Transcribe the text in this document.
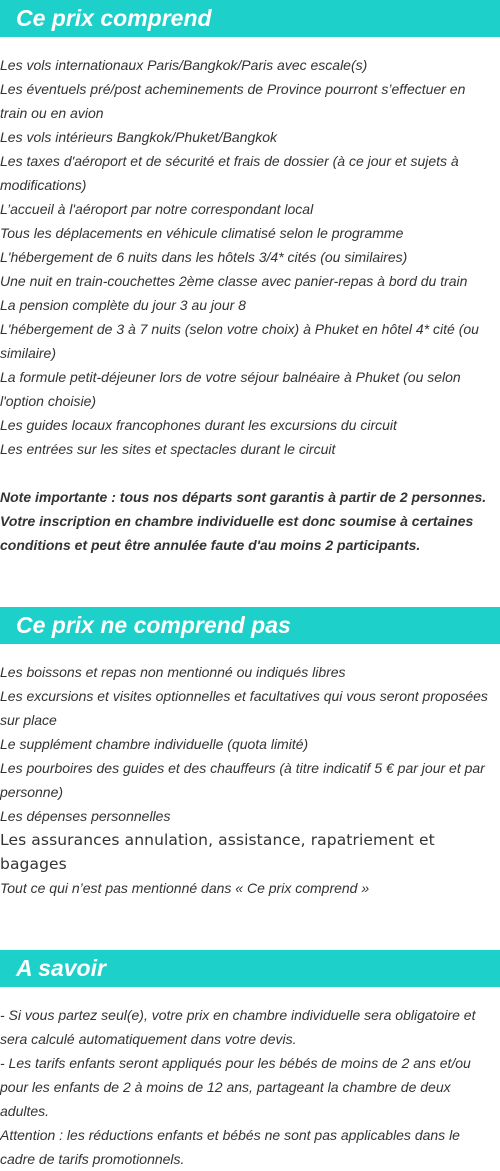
Ce prix comprend
Les vols internationaux Paris/Bangkok/Paris avec escale(s)
Les éventuels pré/post acheminements de Province pourront s’effectuer en train ou en avion
Les vols intérieurs Bangkok/Phuket/Bangkok
Les taxes d'aéroport et de sécurité et frais de dossier (à ce jour et sujets à modifications)
L’accueil à l'aéroport par notre correspondant local
Tous les déplacements en véhicule climatisé selon le programme
L'hébergement de 6 nuits dans les hôtels 3/4* cités (ou similaires)
Une nuit en train-couchettes 2ème classe avec panier-repas à bord du train
La pension complète du jour 3 au jour 8
L'hébergement de 3 à 7 nuits (selon votre choix) à Phuket en hôtel 4* cité (ou similaire)
La formule petit-déjeuner lors de votre séjour balnéaire à Phuket (ou selon l'option choisie)
Les guides locaux francophones durant les excursions du circuit
Les entrées sur les sites et spectacles durant le circuit

Note importante : tous nos départs sont garantis à partir de 2 personnes. Votre inscription en chambre individuelle est donc soumise à certaines conditions et peut être annulée faute d'au moins 2 participants.

Ce prix ne comprend pas
Les boissons et repas non mentionné ou indiqués libres
Les excursions et visites optionnelles et facultatives qui vous seront proposées sur place
Le supplément chambre individuelle (quota limité)
Les pourboires des guides et des chauffeurs (à titre indicatif 5 € par jour et par personne)
Les dépenses personnelles
Les assurances annulation, assistance, rapatriement et bagages
Tout ce qui n’est pas mentionné dans « Ce prix comprend »
A savoir

- Si vous partez seul(e), votre prix en chambre individuelle sera obligatoire et sera calculé automatiquement dans votre devis.

- Les tarifs enfants seront appliqués pour les bébés de moins de 2 ans et/ou pour les enfants de 2 à moins de 12 ans, partageant la chambre de deux adultes.

Attention : les réductions enfants et bébés ne sont pas applicables dans le cadre de tarifs promotionnels.
